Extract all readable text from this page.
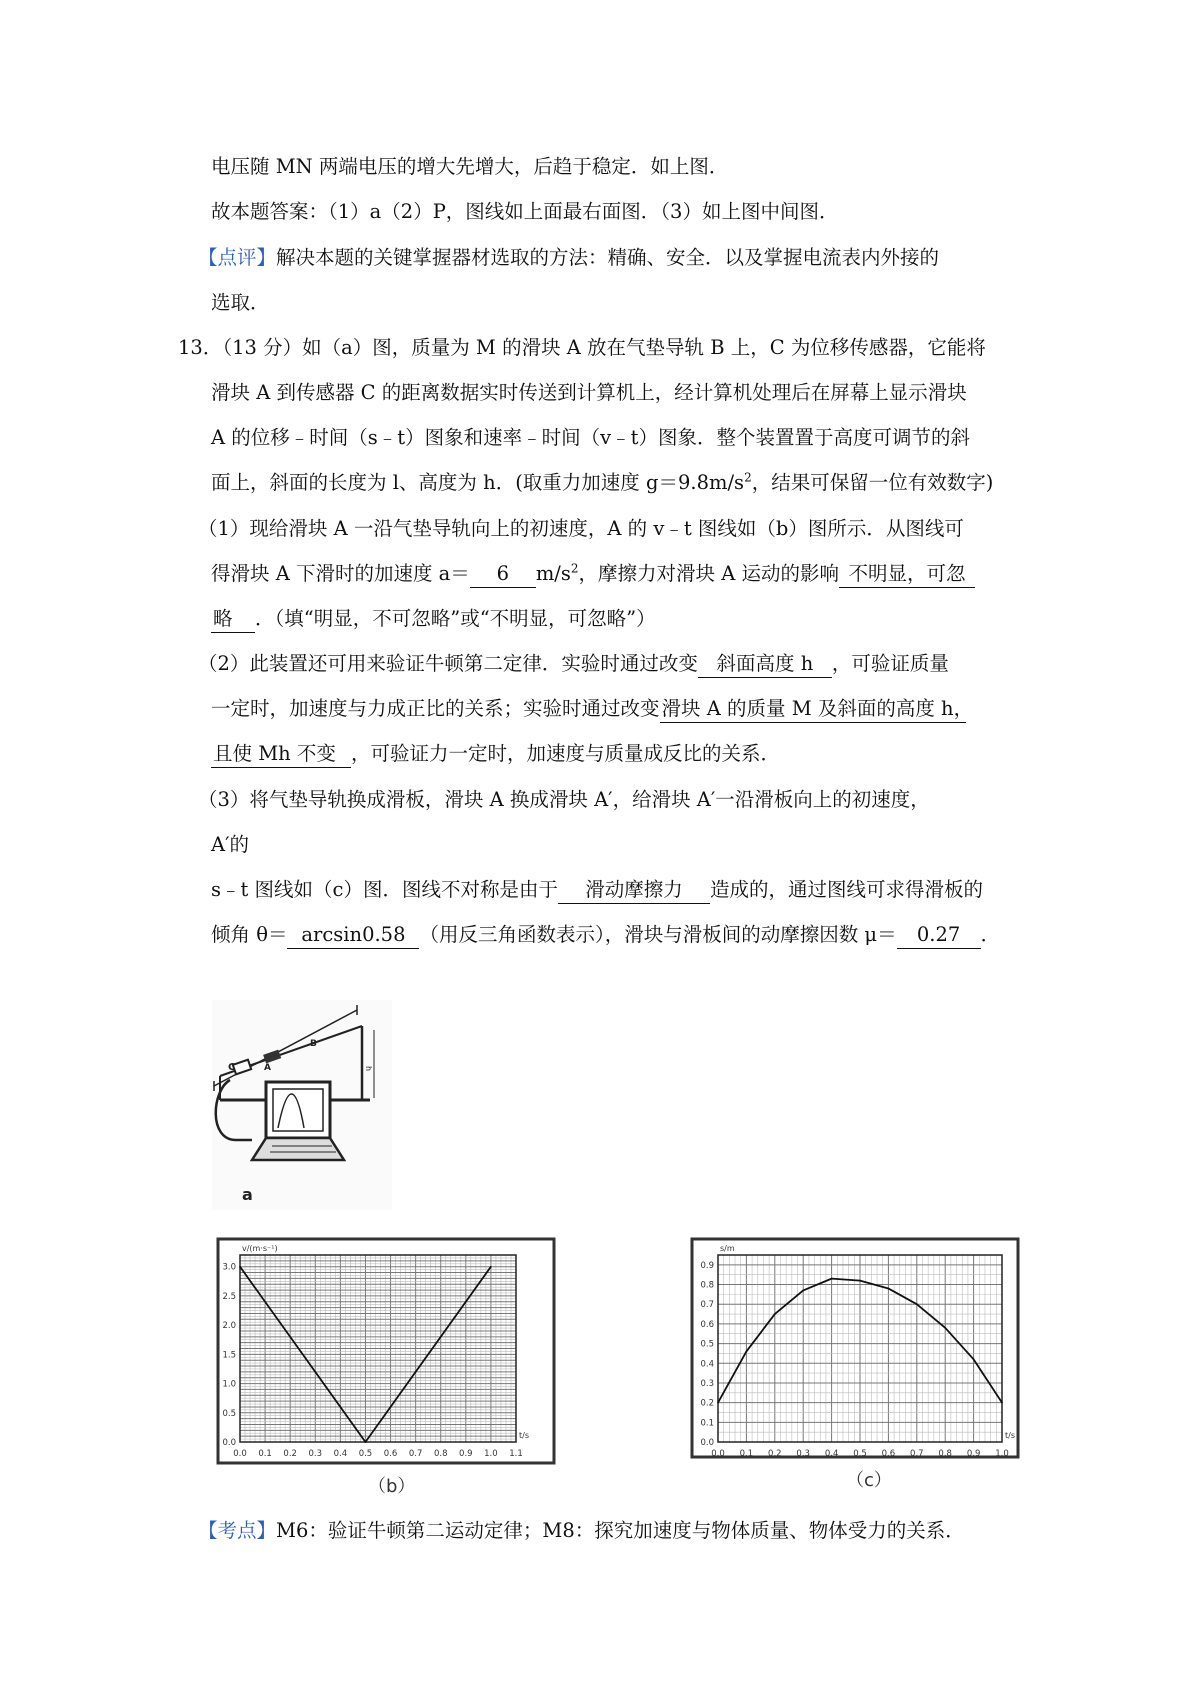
电压随 MN 两端电压的增大先增大，后趋于稳定．如上图．
故本题答案：（1）a（2）P，图线如上面最右面图．（3）如上图中间图．
【点评】解决本题的关键掌握器材选取的方法：精确、安全．以及掌握电流表内外接的
选取．
13．（13 分）如（a）图，质量为 M 的滑块 A 放在气垫导轨 B 上，C 为位移传感器，它能将
滑块 A 到传感器 C 的距离数据实时传送到计算机上，经计算机处理后在屏幕上显示滑块
A 的位移﹣时间（s﹣t）图象和速率﹣时间（v﹣t）图象．整个装置置于高度可调节的斜
面上，斜面的长度为 l、高度为 h．(取重力加速度 $g=9.8m/s^2$，结果可保留一位有效数字)
（1）现给滑块 A 一沿气垫导轨向上的初速度，A 的 v﹣t 图线如（b）图所示．从图线可
得滑块 A 下滑时的加速度 a＝ 6 $m/s^2$，摩擦力对滑块 A 运动的影响 不明显，可忽
略 ．（填“明显，不可忽略”或“不明显，可忽略”）
（2）此装置还可用来验证牛顿第二定律．实验时通过改变 斜面高度 h ，可验证质量
一定时，加速度与力成正比的关系；实验时通过改变 滑块 A 的质量 M 及斜面的高度 h，
且使 Mh 不变 ，可验证力一定时，加速度与质量成反比的关系．
（3）将气垫导轨换成滑板，滑块 A 换成滑块 A′，给滑块 A′一沿滑板向上的初速度，
A′的
s﹣t 图线如（c）图．图线不对称是由于 滑动摩擦力 造成的，通过图线可求得滑板的
倾角 θ＝ arcsin0.58 （用反三角函数表示），滑块与滑板间的动摩擦因数 μ＝ 0.27 ．
C	A
B
h
a
0.0 0.1 0.2 0.3 0.4 0.5 0.6 0.7 0.8 0.9 1.0 1.1
0.0
0.5
1.0
1.5
2.0
2.5
3.0
v/(m·s⁻¹)
t/s
（b）
0.0 0.1 0.2 0.3 0.4 0.5 0.6 0.7 0.8 0.9 1.0
0.0
0.1
0.2
0.3
0.4
0.5
0.6
0.7
0.8
0.9
s/m
t/s
（c）
【考点】M6：验证牛顿第二运动定律；M8：探究加速度与物体质量、物体受力的关系．
